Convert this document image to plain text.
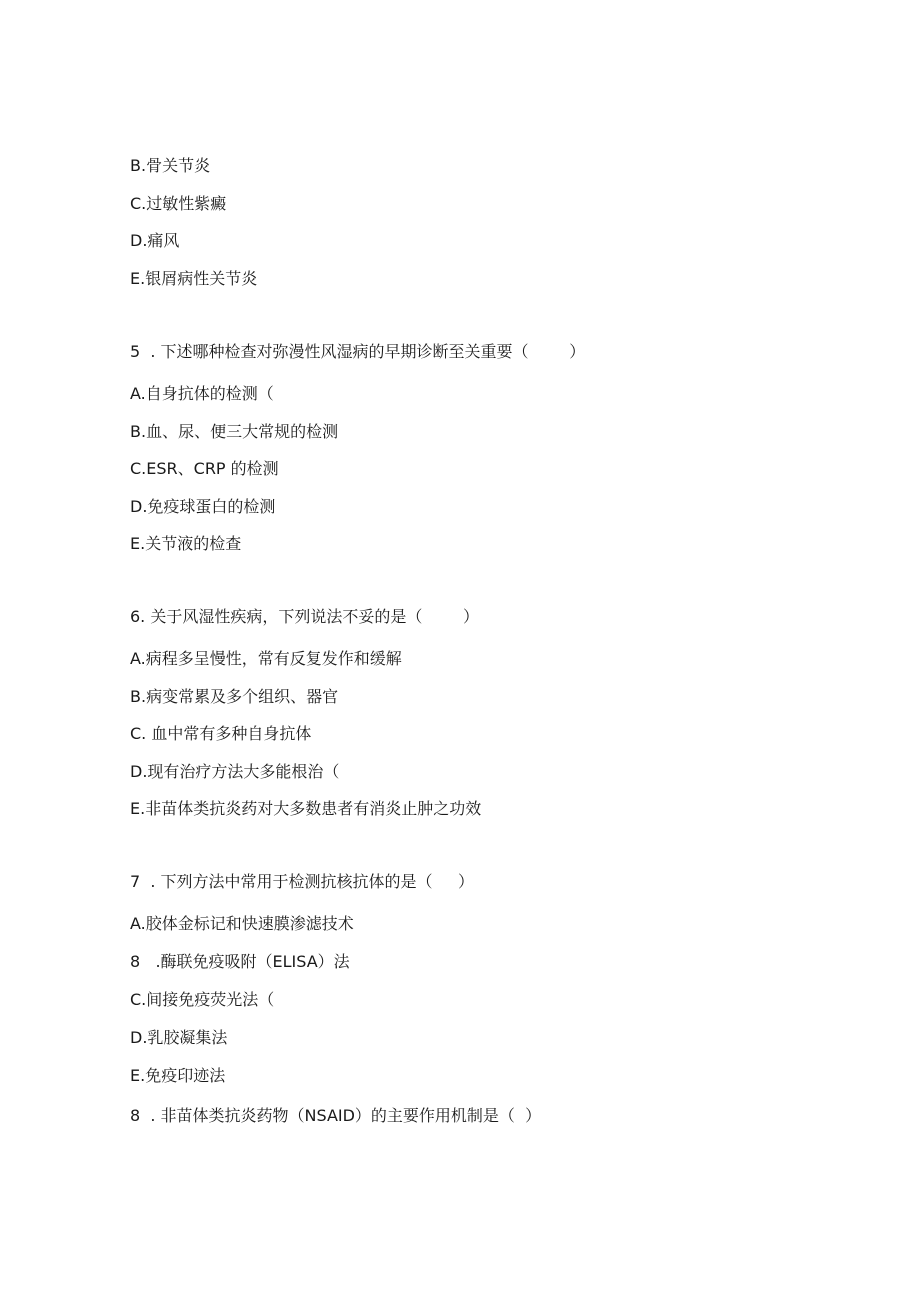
B.骨关节炎
C.过敏性紫癜
D.痛风
E.银屑病性关节炎
5  . 下述哪种检查对弥漫性风湿病的早期诊断至关重要（        ）
A.自身抗体的检测（
B.血、尿、便三大常规的检测
C.ESR、CRP 的检测
D.免疫球蛋白的检测
E.关节液的检查
6. 关于风湿性疾病，下列说法不妥的是（        ）
A.病程多呈慢性，常有反复发作和缓解
B.病变常累及多个组织、器官
C. 血中常有多种自身抗体
D.现有治疗方法大多能根治（
E.非苗体类抗炎药对大多数患者有消炎止肿之功效
7  . 下列方法中常用于检测抗核抗体的是（     ）
A.胶体金标记和快速膜渗滤技术
8   .酶联免疫吸附（ELISA）法
C.间接免疫荧光法（
D.乳胶凝集法
E.免疫印迹法
8  . 非苗体类抗炎药物（NSAID）的主要作用机制是（  ）
